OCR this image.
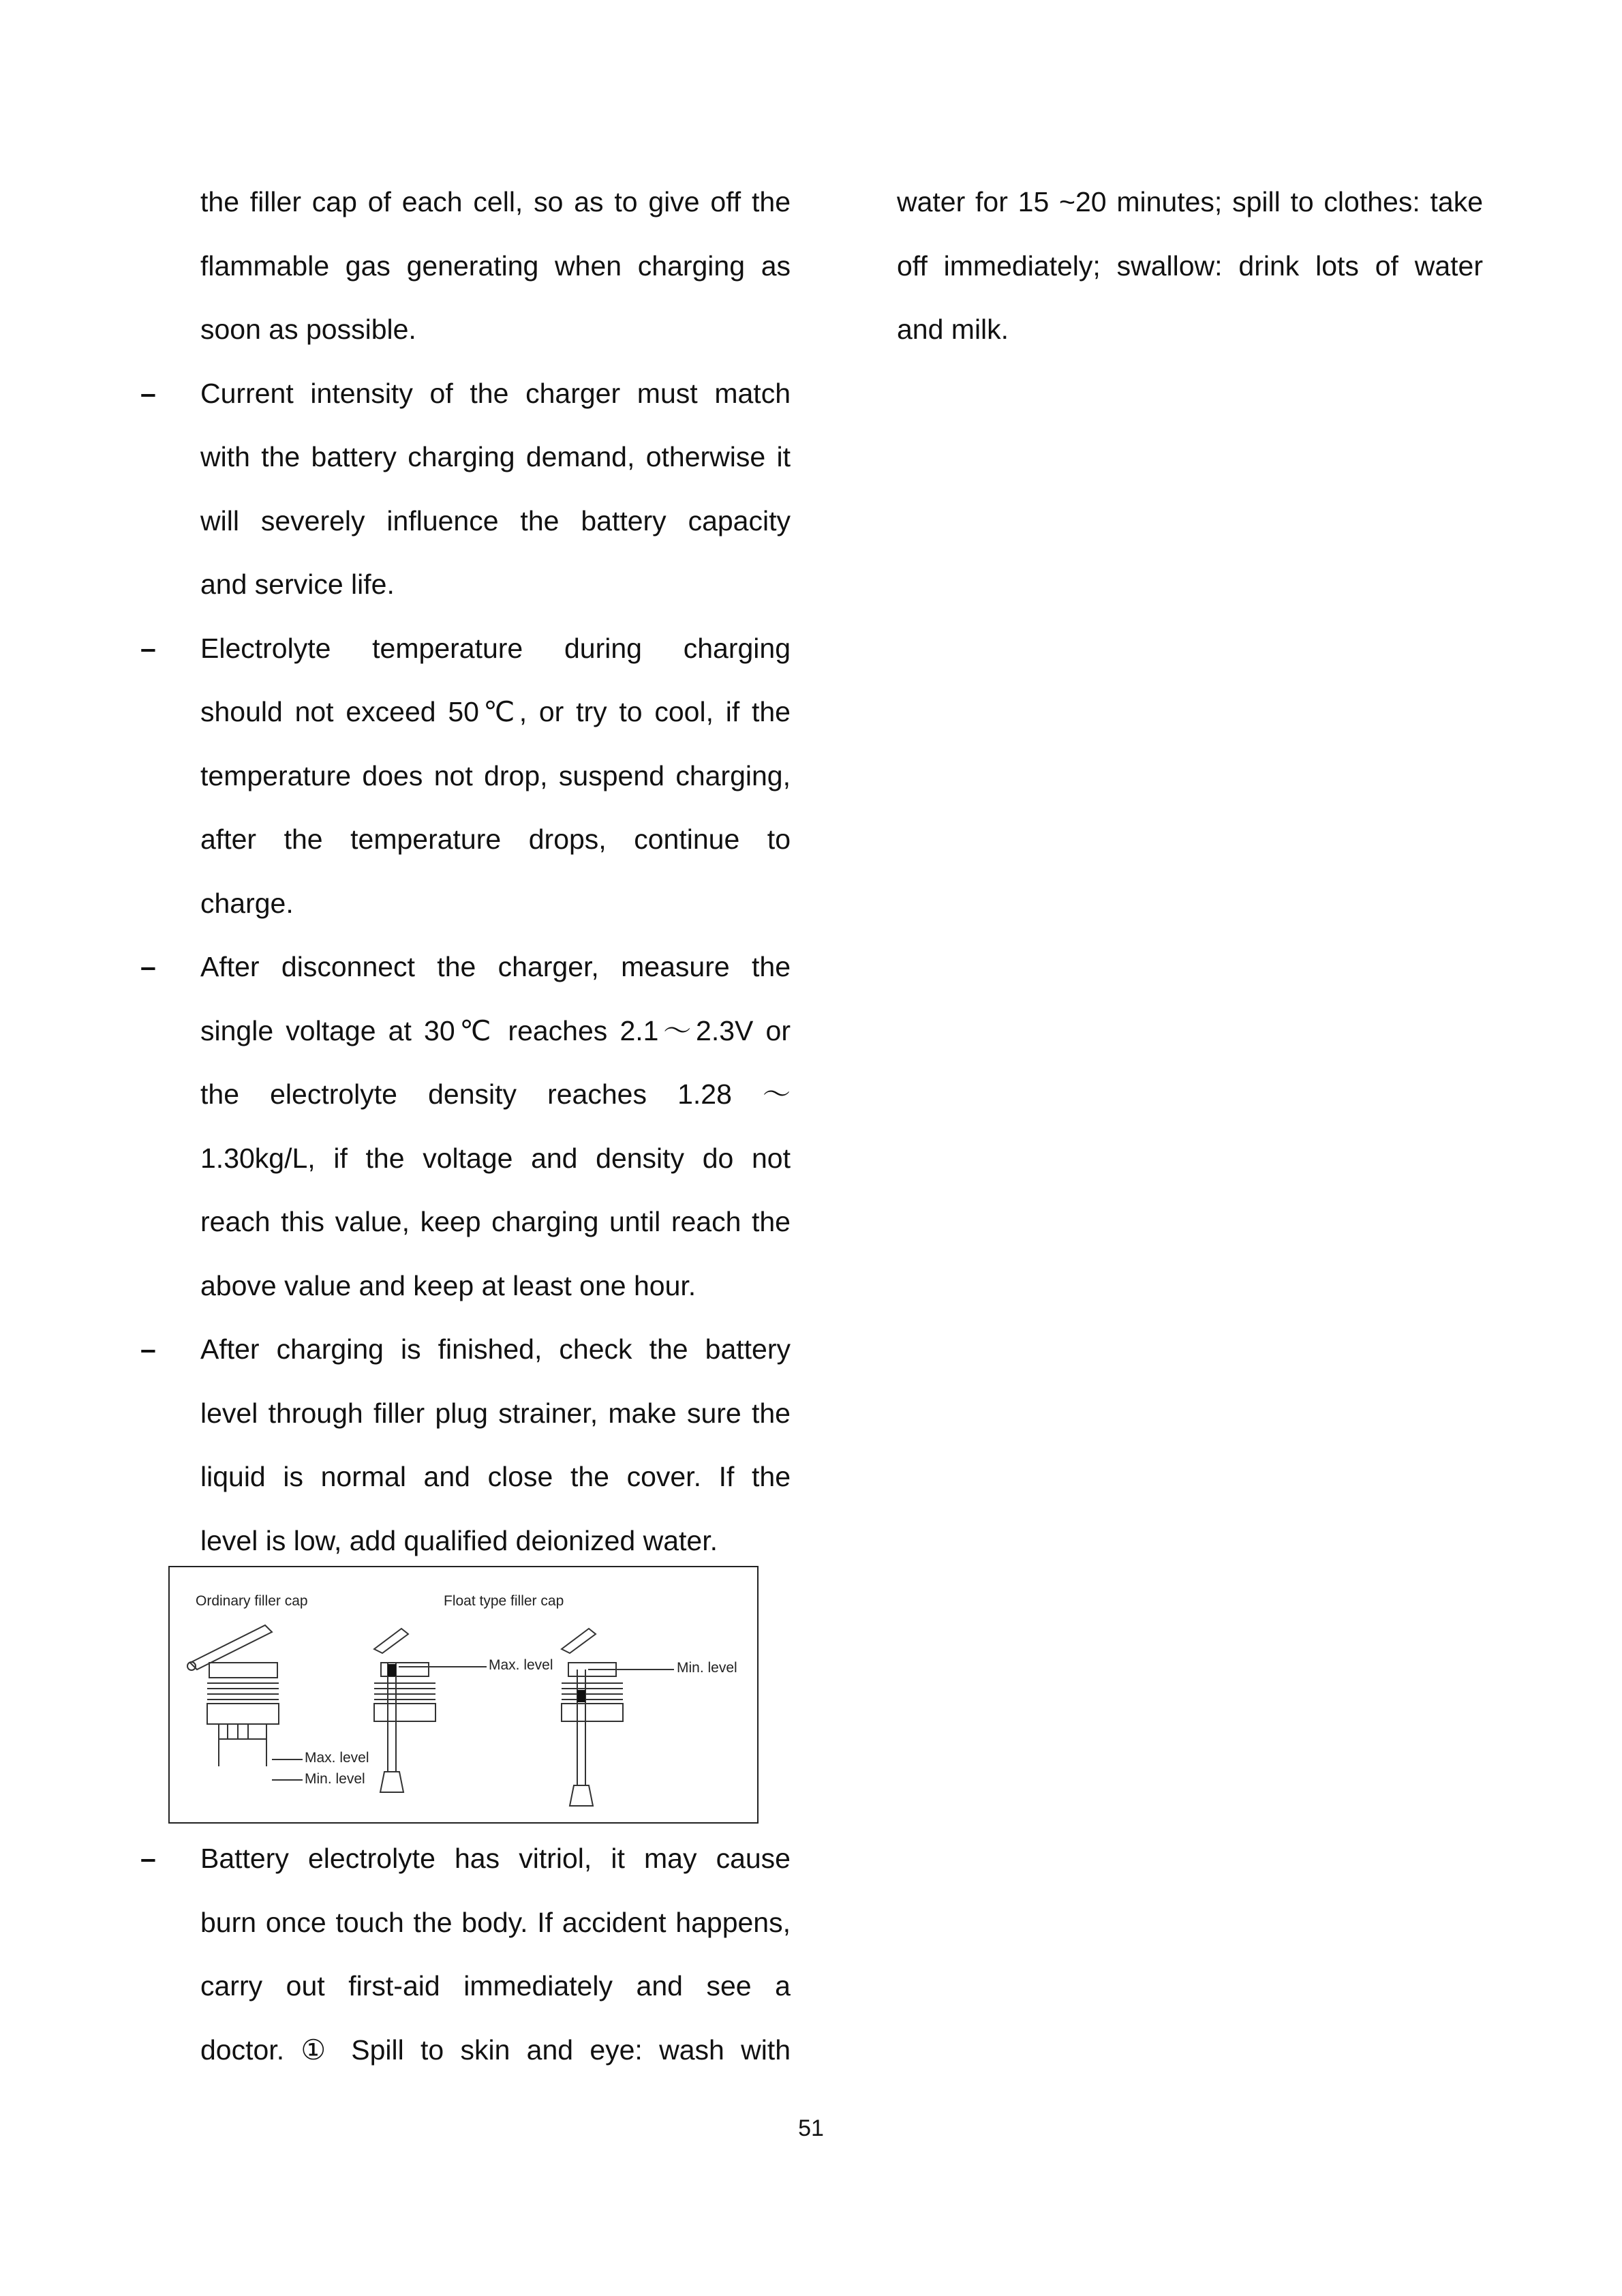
the filler cap of each cell, so as to give off the
flammable gas generating when charging as
soon as possible.
– Current intensity of the charger must match
with the battery charging demand, otherwise it
will severely influence the battery capacity
and service life.
– Electrolyte temperature during charging
should not exceed 50℃, or try to cool, if the
temperature does not drop, suspend charging,
after the temperature drops, continue to
charge.
– After disconnect the charger, measure the
single voltage at 30℃ reaches 2.1～2.3V or
the electrolyte density reaches 1.28 ～
1.30kg/L, if the voltage and density do not
reach this value, keep charging until reach the
above value and keep at least one hour.
– After charging is finished, check the battery
level through filler plug strainer, make sure the
liquid is normal and close the cover. If the
level is low, add qualified deionized water.
Ordinary filler cap	Float type filler cap
Max. level	Min. level
Max. level
Min. level
– Battery electrolyte has vitriol, it may cause
burn once touch the body. If accident happens,
carry out first-aid immediately and see a
doctor. ① Spill to skin and eye: wash with
water for 15 ~20 minutes; spill to clothes: take
off immediately; swallow: drink lots of water
and milk.
51
